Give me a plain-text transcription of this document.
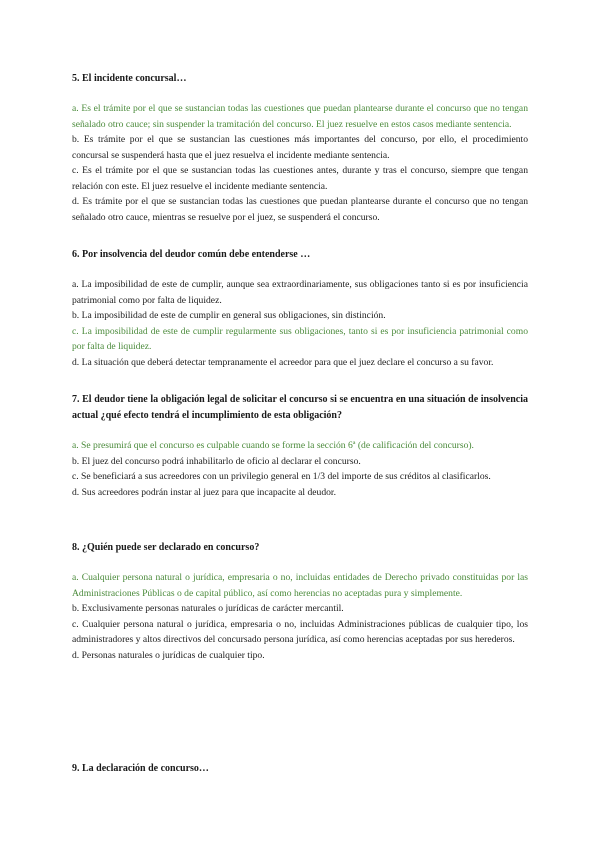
5. El incidente concursal…

a. Es el trámite por el que se sustancian todas las cuestiones que puedan plantearse durante el concurso que no tengan señalado otro cauce; sin suspender la tramitación del concurso. El juez resuelve en estos casos mediante sentencia.

b. Es trámite por el que se sustancian las cuestiones más importantes del concurso, por ello, el procedimiento concursal se suspenderá hasta que el juez resuelva el incidente mediante sentencia.

c. Es el trámite por el que se sustancian todas las cuestiones antes, durante y tras el concurso, siempre que tengan relación con este. El juez resuelve el incidente mediante sentencia.

d. Es trámite por el que se sustancian todas las cuestiones que puedan plantearse durante el concurso que no tengan señalado otro cauce, mientras se resuelve por el juez, se suspenderá el concurso.

6. Por insolvencia del deudor común debe entenderse …

a. La imposibilidad de este de cumplir, aunque sea extraordinariamente, sus obligaciones tanto si es por insuficiencia patrimonial como por falta de liquidez.

b. La imposibilidad de este de cumplir en general sus obligaciones, sin distinción.

c. La imposibilidad de este de cumplir regularmente sus obligaciones, tanto si es por insuficiencia patrimonial como por falta de liquidez.

d. La situación que deberá detectar tempranamente el acreedor para que el juez declare el concurso a su favor.

7. El deudor tiene la obligación legal de solicitar el concurso si se encuentra en una situación de insolvencia actual ¿qué efecto tendrá el incumplimiento de esta obligación?

a. Se presumirá que el concurso es culpable cuando se forme la sección 6ª (de calificación del concurso).

b. El juez del concurso podrá inhabilitarlo de oficio al declarar el concurso.

c. Se beneficiará a sus acreedores con un privilegio general en 1/3 del importe de sus créditos al clasificarlos.

d. Sus acreedores podrán instar al juez para que incapacite al deudor.

8. ¿Quién puede ser declarado en concurso?

a. Cualquier persona natural o jurídica, empresaria o no, incluidas entidades de Derecho privado constituidas por las Administraciones Públicas o de capital público, así como herencias no aceptadas pura y simplemente.

b. Exclusivamente personas naturales o jurídicas de carácter mercantil.

c. Cualquier persona natural o jurídica, empresaria o no, incluidas Administraciones públicas de cualquier tipo, los administradores y altos directivos del concursado persona jurídica, así como herencias aceptadas por sus herederos.

d. Personas naturales o jurídicas de cualquier tipo.

9. La declaración de concurso…
